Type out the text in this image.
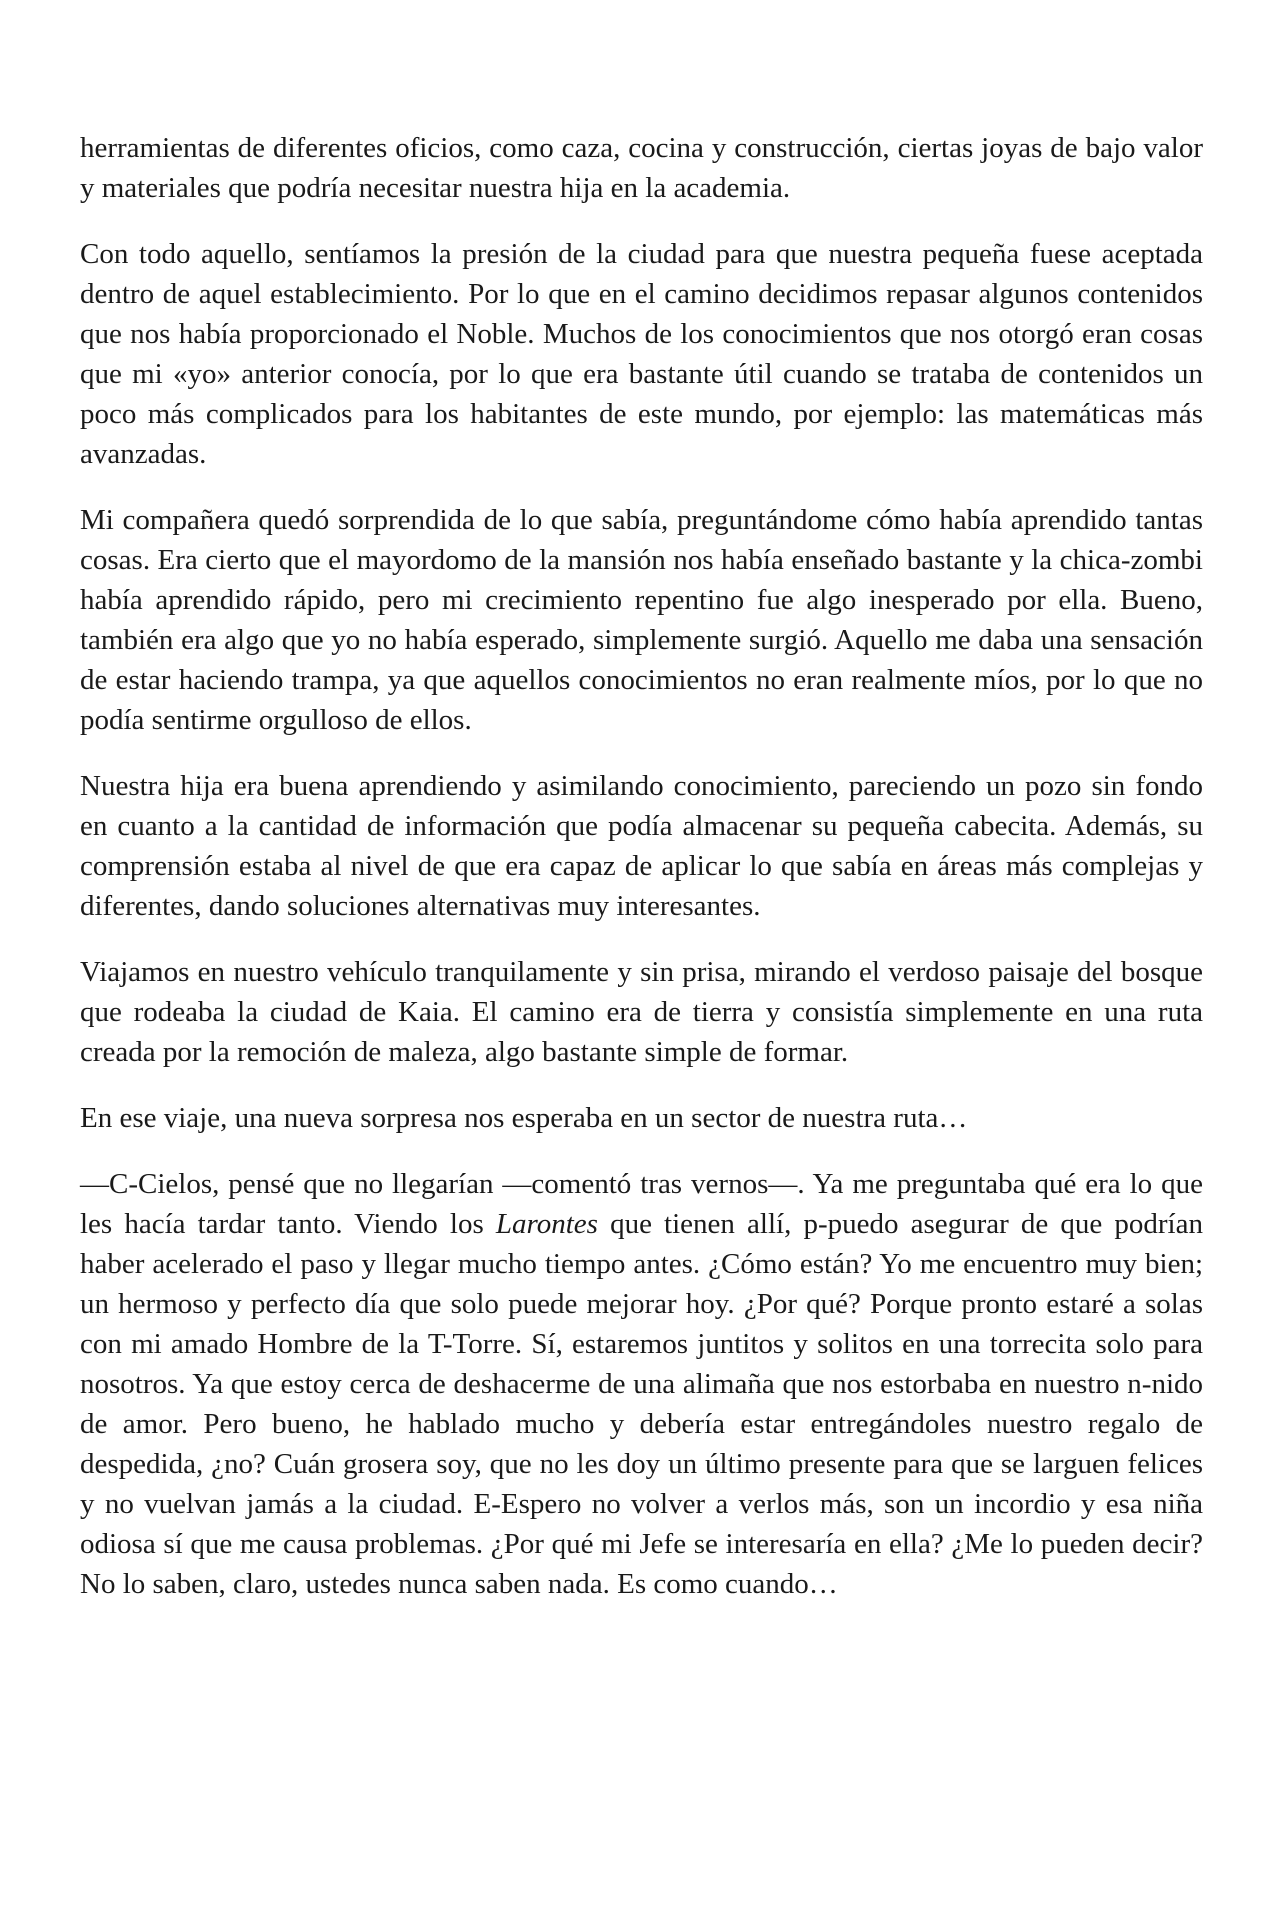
herramientas de diferentes oficios, como caza, cocina y construcción, ciertas joyas de bajo valor y materiales que podría necesitar nuestra hija en la academia.

Con todo aquello, sentíamos la presión de la ciudad para que nuestra pequeña fuese aceptada dentro de aquel establecimiento. Por lo que en el camino decidimos repasar algunos contenidos que nos había proporcionado el Noble. Muchos de los conocimientos que nos otorgó eran cosas que mi «yo» anterior conocía, por lo que era bastante útil cuando se trataba de contenidos un poco más complicados para los habitantes de este mundo, por ejemplo: las matemáticas más avanzadas.

Mi compañera quedó sorprendida de lo que sabía, preguntándome cómo había aprendido tantas cosas. Era cierto que el mayordomo de la mansión nos había enseñado bastante y la chica-zombi había aprendido rápido, pero mi crecimiento repentino fue algo inesperado por ella. Bueno, también era algo que yo no había esperado, simplemente surgió. Aquello me daba una sensación de estar haciendo trampa, ya que aquellos conocimientos no eran realmente míos, por lo que no podía sentirme orgulloso de ellos.

Nuestra hija era buena aprendiendo y asimilando conocimiento, pareciendo un pozo sin fondo en cuanto a la cantidad de información que podía almacenar su pequeña cabecita. Además, su comprensión estaba al nivel de que era capaz de aplicar lo que sabía en áreas más complejas y diferentes, dando soluciones alternativas muy interesantes.

Viajamos en nuestro vehículo tranquilamente y sin prisa, mirando el verdoso paisaje del bosque que rodeaba la ciudad de Kaia. El camino era de tierra y consistía simplemente en una ruta creada por la remoción de maleza, algo bastante simple de formar.

En ese viaje, una nueva sorpresa nos esperaba en un sector de nuestra ruta…

—C-Cielos, pensé que no llegarían —comentó tras vernos—. Ya me preguntaba qué era lo que les hacía tardar tanto. Viendo los Larontes que tienen allí, p-puedo asegurar de que podrían haber acelerado el paso y llegar mucho tiempo antes. ¿Cómo están? Yo me encuentro muy bien; un hermoso y perfecto día que solo puede mejorar hoy. ¿Por qué? Porque pronto estaré a solas con mi amado Hombre de la T-Torre. Sí, estaremos juntitos y solitos en una torrecita solo para nosotros. Ya que estoy cerca de deshacerme de una alimaña que nos estorbaba en nuestro n-nido de amor. Pero bueno, he hablado mucho y debería estar entregándoles nuestro regalo de despedida, ¿no? Cuán grosera soy, que no les doy un último presente para que se larguen felices y no vuelvan jamás a la ciudad. E-Espero no volver a verlos más, son un incordio y esa niña odiosa sí que me causa problemas. ¿Por qué mi Jefe se interesaría en ella? ¿Me lo pueden decir? No lo saben, claro, ustedes nunca saben nada. Es como cuando…
